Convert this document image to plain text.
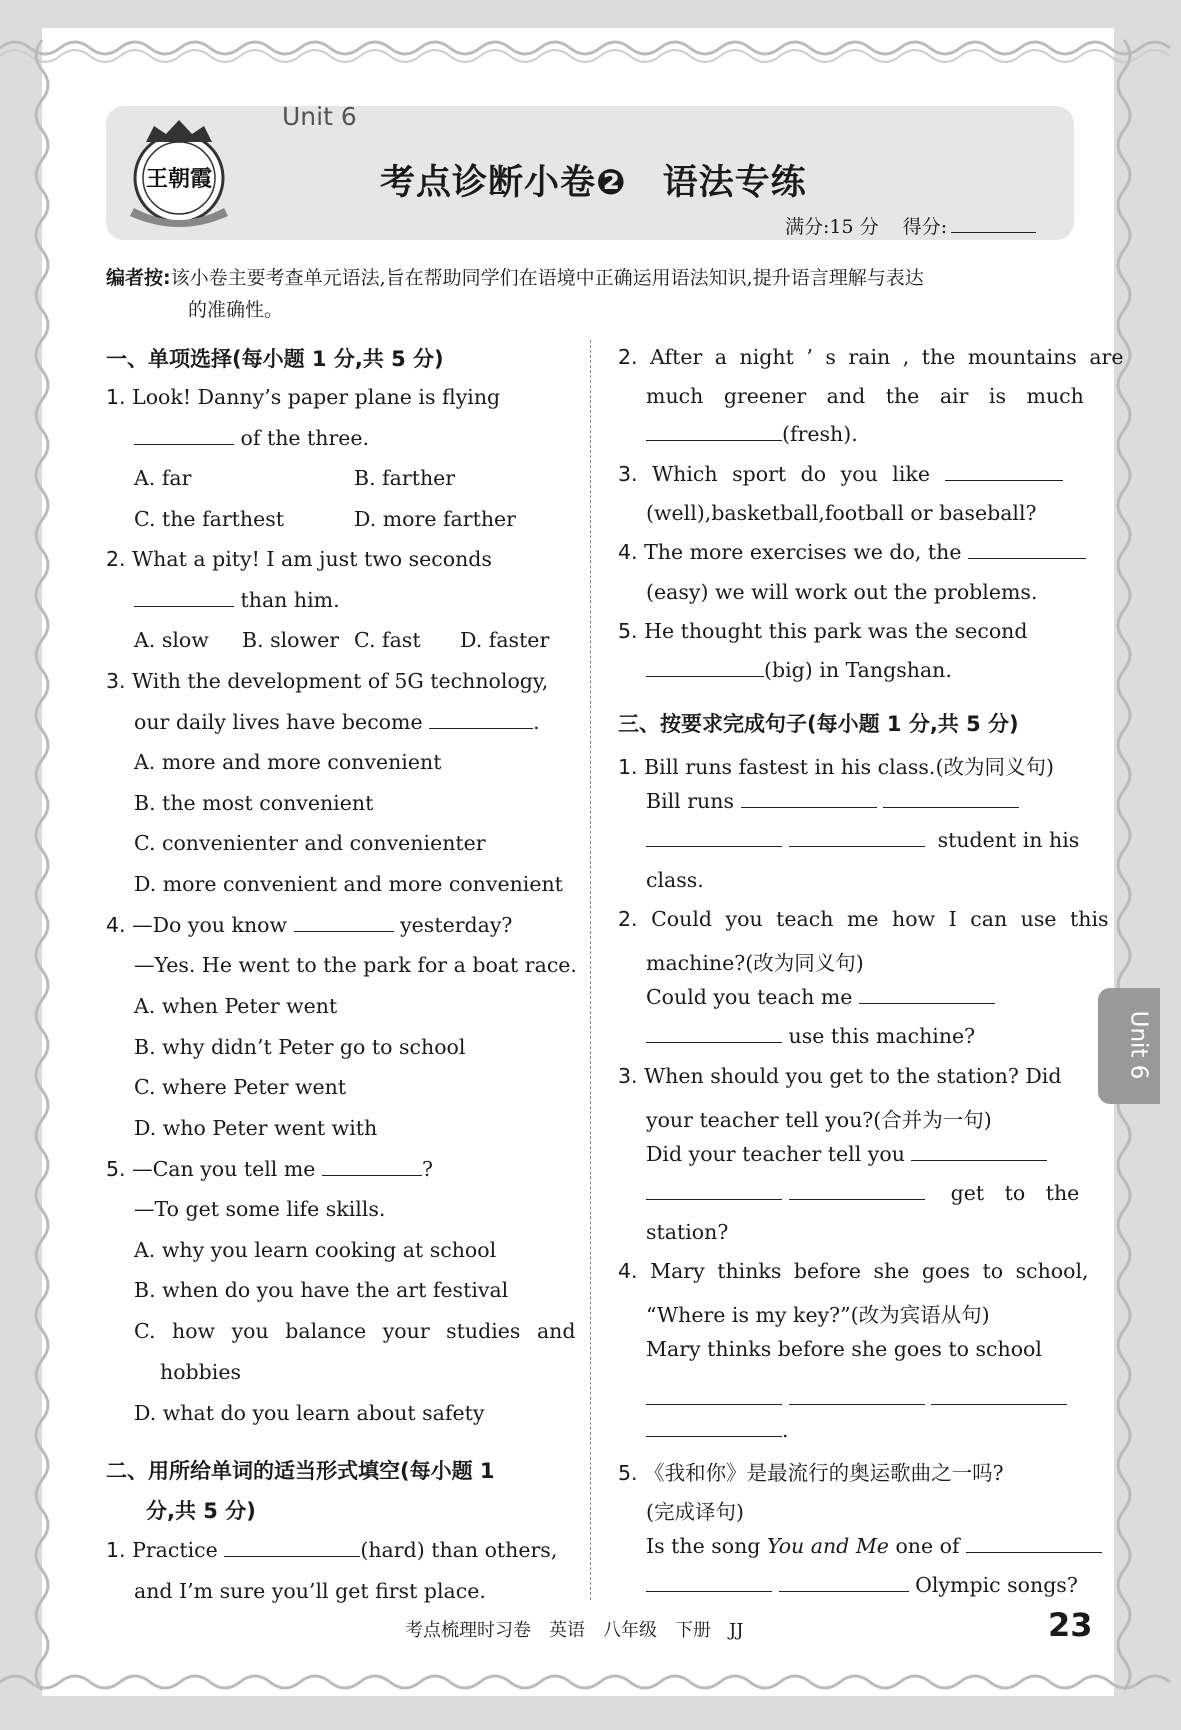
王朝霞
Unit 6
考点诊断小卷❷　语法专练
满分:15 分 得分:
编者按:该小卷主要考查单元语法,旨在帮助同学们在语境中正确运用语法知识,提升语言理解与表达
的准确性。
一、单项选择(每小题 1 分,共 5 分)
1. Look! Danny’s paper plane is flying
of the three.
A. far	B. farther
C. the farthest	D. more farther
2. What a pity! I am just two seconds
than him.
A. slow B. slower C. fast D. faster
3. With the development of 5G technology,
our daily lives have become	.
A. more and more convenient
B. the most convenient
C. convenienter and convenienter
D. more convenient and more convenient
4. —Do you know	yesterday?
—Yes. He went to the park for a boat race.
A. when Peter went
B. why didn’t Peter go to school
C. where Peter went
D. who Peter went with
5. —Can you tell me	?
—To get some life skills.
A. why you learn cooking at school
B. when do you have the art festival
C. how you balance your studies and
hobbies
D. what do you learn about safety
二、用所给单词的适当形式填空(每小题 1
分,共 5 分)
1. Practice	(hard) than others,
and I’m sure you’ll get first place.
2. After a night ’ s rain , the mountains are
much greener and the air is much
(fresh).
3. Which sport do you like
(well),basketball,football or baseball?
4. The more exercises we do, the
(easy) we will work out the problems.
5. He thought this park was the second
(big) in Tangshan.
三、按要求完成句子(每小题 1 分,共 5 分)
1. Bill runs fastest in his class.(改为同义句)
Bill runs
student in his
class.
2. Could you teach me how I can use this
machine?(改为同义句)
Could you teach me
use this machine?
3. When should you get to the station? Did
your teacher tell you?(合并为一句)
Did your teacher tell you
get to the
station?
4. Mary thinks before she goes to school,
“Where is my key?”(改为宾语从句)
Mary thinks before she goes to school

.
5. 《我和你》是最流行的奥运歌曲之一吗?
(完成译句)
Is the song You and Me one of
Olympic songs?
Unit 6
考点梳理时习卷　英语　八年级　下册　JJ	23
